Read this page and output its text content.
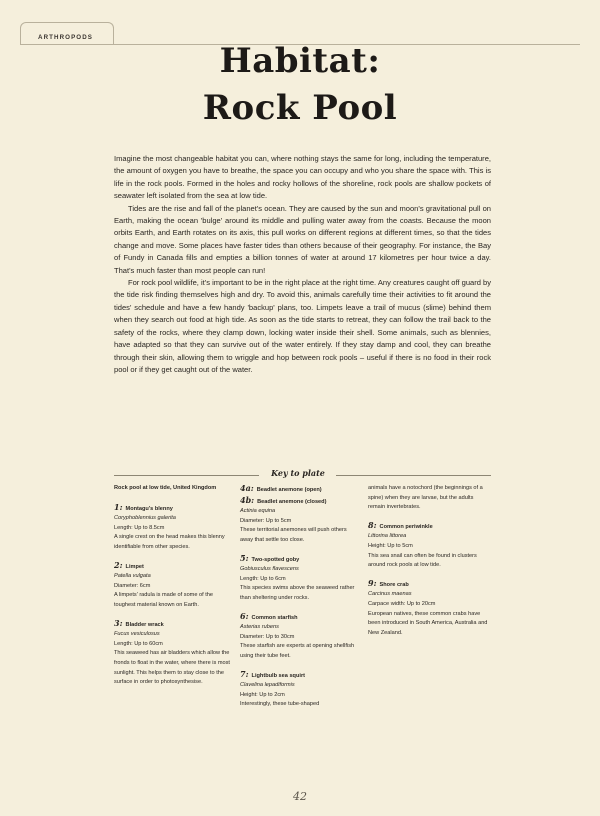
ARTHROPODS
Habitat:
Rock Pool

Imagine the most changeable habitat you can, where nothing stays the same for long, including the temperature, the amount of oxygen you have to breathe, the space you can occupy and who you share the space with. This is life in the rock pools. Formed in the holes and rocky hollows of the shoreline, rock pools are shallow pockets of seawater left isolated from the sea at low tide.

Tides are the rise and fall of the planet's ocean. They are caused by the sun and moon's gravitational pull on Earth, making the ocean 'bulge' around its middle and pulling water away from the coasts. Because the moon orbits Earth, and Earth rotates on its axis, this pull works on different regions at different times, so that the tides change and move. Some places have faster tides than others because of their geography. For instance, the Bay of Fundy in Canada fills and empties a billion tonnes of water at around 17 kilometres per hour twice a day. That's much faster than most people can run!

For rock pool wildlife, it's important to be in the right place at the right time. Any creatures caught off guard by the tide risk finding themselves high and dry. To avoid this, animals carefully time their activities to fit around the tides' schedule and have a few handy 'backup' plans, too. Limpets leave a trail of mucus (slime) behind them when they search out food at high tide. As soon as the tide starts to retreat, they can follow the trail back to the safety of the rocks, where they clamp down, locking water inside their shell. Some animals, such as blennies, have adapted so that they can survive out of the water entirely. If they stay damp and cool, they can breathe through their skin, allowing them to wriggle and hop between rock pools – useful if there is no food in their rock pool or if they get caught out of the water.

Key to plate
Rock pool at low tide, United Kingdom
1: Montagu's blenny
Coryphoblennius galerita
Length: Up to 8.5cm
A single crest on the head makes this blenny identifiable from other species.
2: Limpet
Patella vulgata
Diameter: 6cm
A limpets' radula is made of some of the toughest material known on Earth.
3: Bladder wrack
Fucus vesiculosus
Length: Up to 60cm
This seaweed has air bladders which allow the fronds to float in the water, where there is most sunlight. This helps them to stay close to the surface in order to photosynthesise.
4a: Beadlet anemone (open)
4b: Beadlet anemone (closed)
Actinia equina
Diameter: Up to 5cm
These territorial anemones will push others away that settle too close.
5: Two-spotted goby
Gobiusculus flavescens
Length: Up to 6cm
This species swims above the seaweed rather than sheltering under rocks.
6: Common starfish
Asterias rubens
Diameter: Up to 30cm
These starfish are experts at opening shellfish using their tube feet.
7: Lightbulb sea squirt
Clavelina lepadiformis
Height: Up to 2cm
Interestingly, these tube-shaped
animals have a notochord (the beginnings of a spine) when they are larvae, but the adults remain invertebrates.
8: Common periwinkle
Littorina littorea
Height: Up to 5cm
This sea snail can often be found in clusters around rock pools at low tide.
9: Shore crab
Carcinus maenas
Carpace width: Up to 20cm
European natives, these common crabs have been introduced in South America, Australia and New Zealand.
42
